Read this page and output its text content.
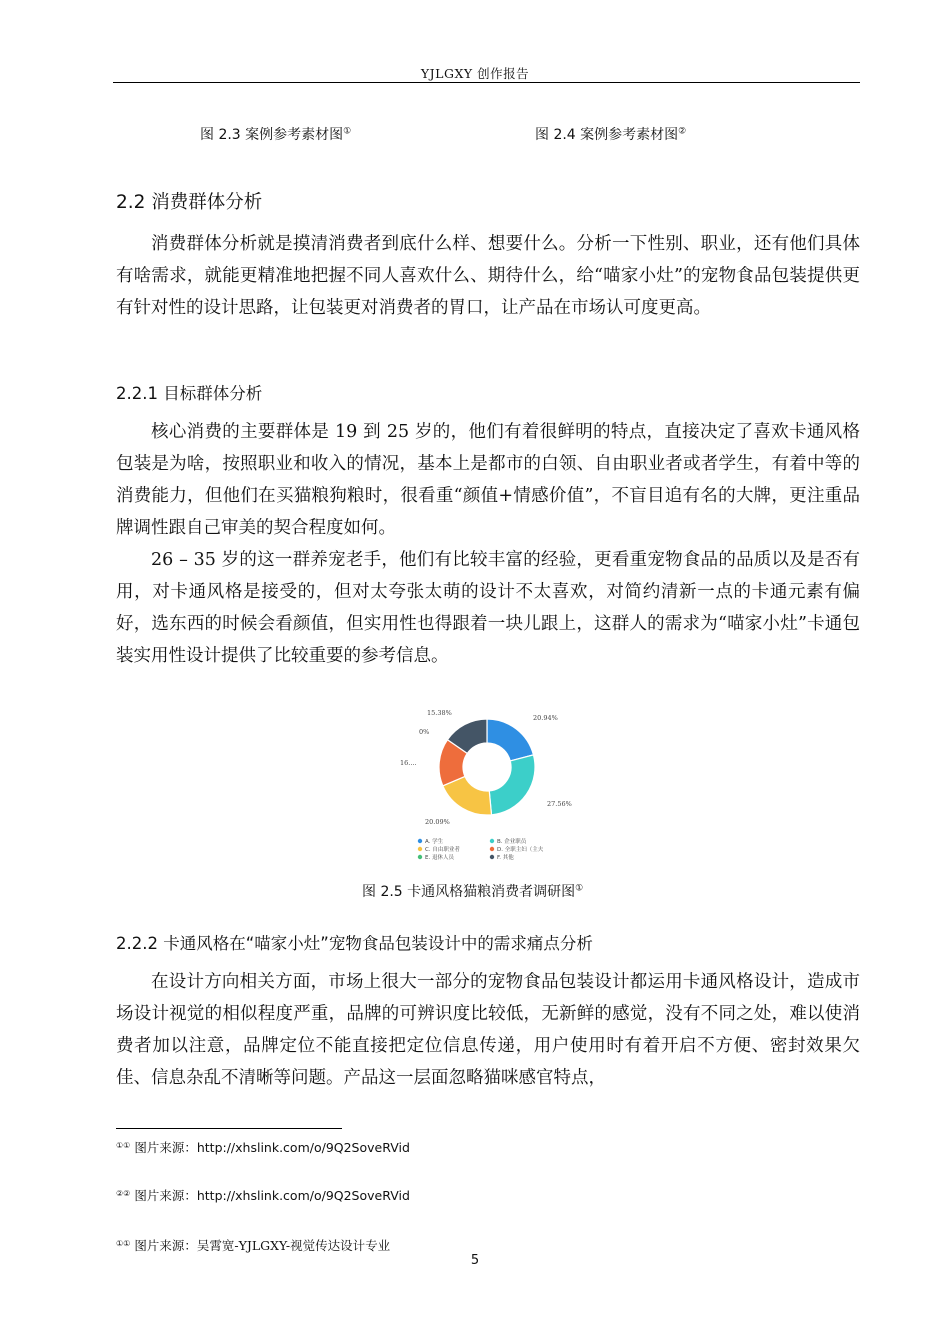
YJLGXY 创作报告
图 2.3 案例参考素材图①	图 2.4 案例参考素材图②
2.2 消费群体分析
消费群体分析就是摸清消费者到底什么样、想要什么。分析一下性别、职业，还有他们具体有啥需求，就能更精准地把握不同人喜欢什么、期待什么，给“喵家小灶”的宠物食品包装提供更有针对性的设计思路，让包装更对消费者的胃口，让产品在市场认可度更高。
2.2.1 目标群体分析
核心消费的主要群体是 19 到 25 岁的，他们有着很鲜明的特点，直接决定了喜欢卡通风格包装是为啥，按照职业和收入的情况，基本上是都市的白领、自由职业者或者学生，有着中等的消费能力，但他们在买猫粮狗粮时，很看重“颜值+情感价值”，不盲目追有名的大牌，更注重品牌调性跟自己审美的契合程度如何。
26 – 35 岁的这一群养宠老手，他们有比较丰富的经验，更看重宠物食品的品质以及是否有用，对卡通风格是接受的，但对太夸张太萌的设计不太喜欢，对简约清新一点的卡通元素有偏好，选东西的时候会看颜值，但实用性也得跟着一块儿跟上，这群人的需求为“喵家小灶”卡通包装实用性设计提供了比较重要的参考信息。
20.94%
27.56%
20.09%
16....
0%
15.38%
A. 学生	B. 企业职员
C. 自由职业者	D. 全职主妇（主夫
E. 退休人员	F. 其他
图 2.5 卡通风格猫粮消费者调研图①
2.2.2 卡通风格在“喵家小灶”宠物食品包装设计中的需求痛点分析
在设计方向相关方面，市场上很大一部分的宠物食品包装设计都运用卡通风格设计，造成市场设计视觉的相似程度严重，品牌的可辨识度比较低，无新鲜的感觉，没有不同之处，难以使消费者加以注意，品牌定位不能直接把定位信息传递，用户使用时有着开启不方便、密封效果欠佳、信息杂乱不清晰等问题。产品这一层面忽略猫咪感官特点，
①① 图片来源：http://xhslink.com/o/9Q2SoveRVid
②② 图片来源：http://xhslink.com/o/9Q2SoveRVid
①① 图片来源：吴霄宽-YJLGXY-视觉传达设计专业
5
